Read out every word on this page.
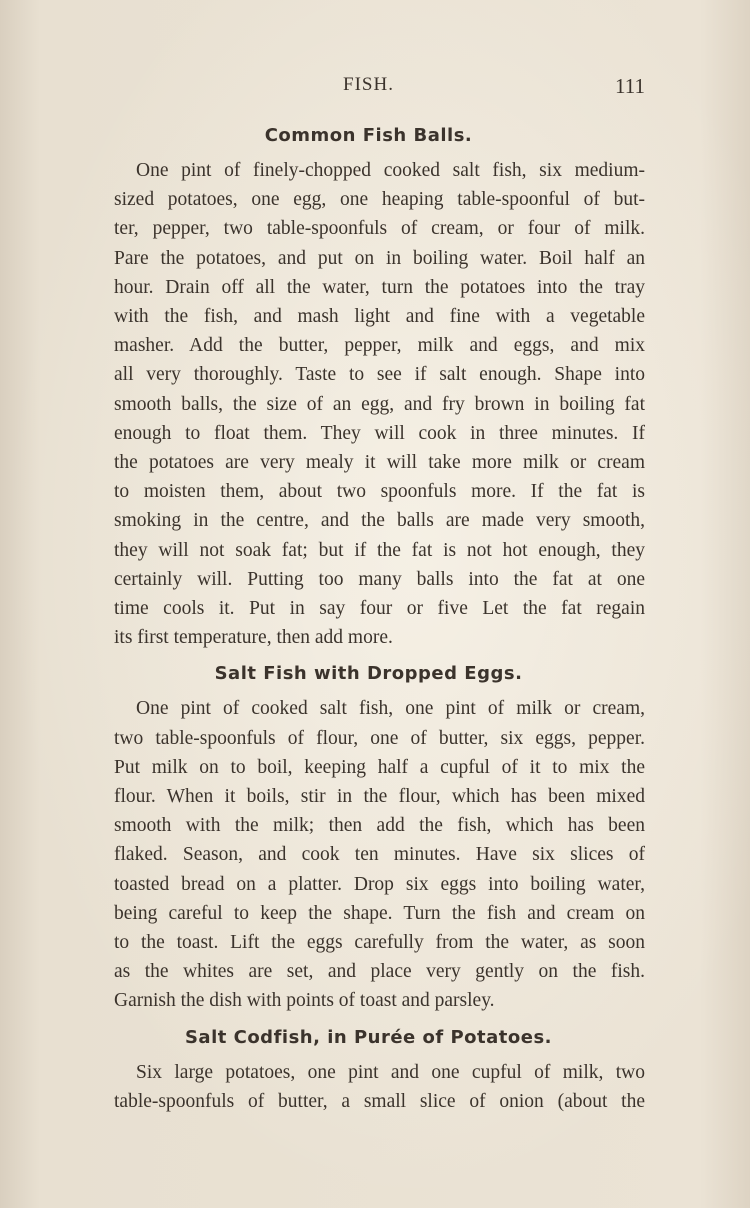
FISH.	111
Common Fish Balls.

One pint of finely-chopped cooked salt fish, six medium-
sized potatoes, one egg, one heaping table-spoonful of but-
ter, pepper, two table-spoonfuls of cream, or four of milk.
Pare the potatoes, and put on in boiling water. Boil half an
hour. Drain off all the water, turn the potatoes into the tray
with the fish, and mash light and fine with a vegetable
masher. Add the butter, pepper, milk and eggs, and mix
all very thoroughly. Taste to see if salt enough. Shape into
smooth balls, the size of an egg, and fry brown in boiling fat
enough to float them. They will cook in three minutes. If
the potatoes are very mealy it will take more milk or cream
to moisten them, about two spoonfuls more. If the fat is
smoking in the centre, and the balls are made very smooth,
they will not soak fat; but if the fat is not hot enough, they
certainly will. Putting too many balls into the fat at one
time cools it. Put in say four or five Let the fat regain
its first temperature, then add more.

Salt Fish with Dropped Eggs.

One pint of cooked salt fish, one pint of milk or cream,
two table-spoonfuls of flour, one of butter, six eggs, pepper.
Put milk on to boil, keeping half a cupful of it to mix the
flour. When it boils, stir in the flour, which has been mixed
smooth with the milk; then add the fish, which has been
flaked. Season, and cook ten minutes. Have six slices of
toasted bread on a platter. Drop six eggs into boiling water,
being careful to keep the shape. Turn the fish and cream on
to the toast. Lift the eggs carefully from the water, as soon
as the whites are set, and place very gently on the fish.
Garnish the dish with points of toast and parsley.

Salt Codfish, in Purée of Potatoes.

Six large potatoes, one pint and one cupful of milk, two
table-spoonfuls of butter, a small slice of onion (about the
